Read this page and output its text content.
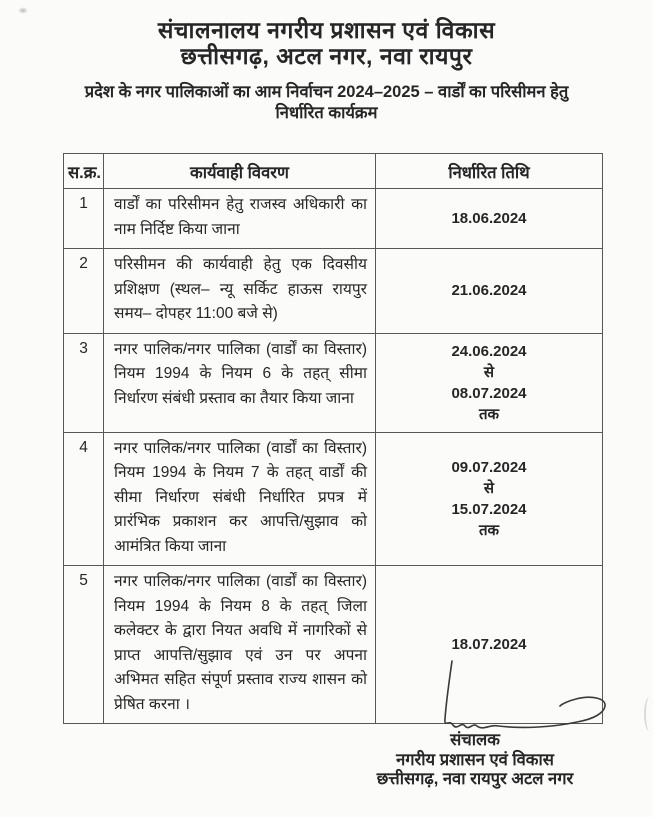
संचालनालय नगरीय प्रशासन एवं विकास
छत्तीसगढ़, अटल नगर, नवा रायपुर
प्रदेश के नगर पालिकाओं का आम निर्वाचन 2024–2025 – वार्डों का परिसीमन हेतु
निर्धारित कार्यक्रम
स.क्र.	कार्यवाही विवरण	निर्धारित तिथि
1	वार्डों का परिसीमन हेतु राजस्व अधिकारी का नाम निर्दिष्ट किया जाना	18.06.2024

2	परिसीमन की कार्यवाही हेतु एक दिवसीय प्रशिक्षण (स्थल– न्यू सर्किट हाऊस रायपुर समय– दोपहर 11:00 बजे से)	21.06.2024

3	नगर पालिक/नगर पालिका (वार्डों का विस्तार) नियम 1994 के नियम 6 के तहत् सीमा निर्धारण संबंधी प्रस्ताव का तैयार किया जाना	24.06.2024
से
08.07.2024
तक

4	नगर पालिक/नगर पालिका (वार्डों का विस्तार) नियम 1994 के नियम 7 के तहत् वार्डों की सीमा निर्धारण संबंधी निर्धारित प्रपत्र में प्रारंभिक प्रकाशन कर आपत्ति/सुझाव को आमंत्रित किया जाना	09.07.2024
से
15.07.2024
तक

5	नगर पालिक/नगर पालिका (वार्डों का विस्तार) नियम 1994 के नियम 8 के तहत् जिला कलेक्टर के द्वारा नियत अवधि में नागरिकों से प्राप्त आपत्ति/सुझाव एवं उन पर अपना अभिमत सहित संपूर्ण प्रस्ताव राज्य शासन को प्रेषित करना ।	18.07.2024
संचालक
नगरीय प्रशासन एवं विकास
छत्तीसगढ़, नवा रायपुर अटल नगर
